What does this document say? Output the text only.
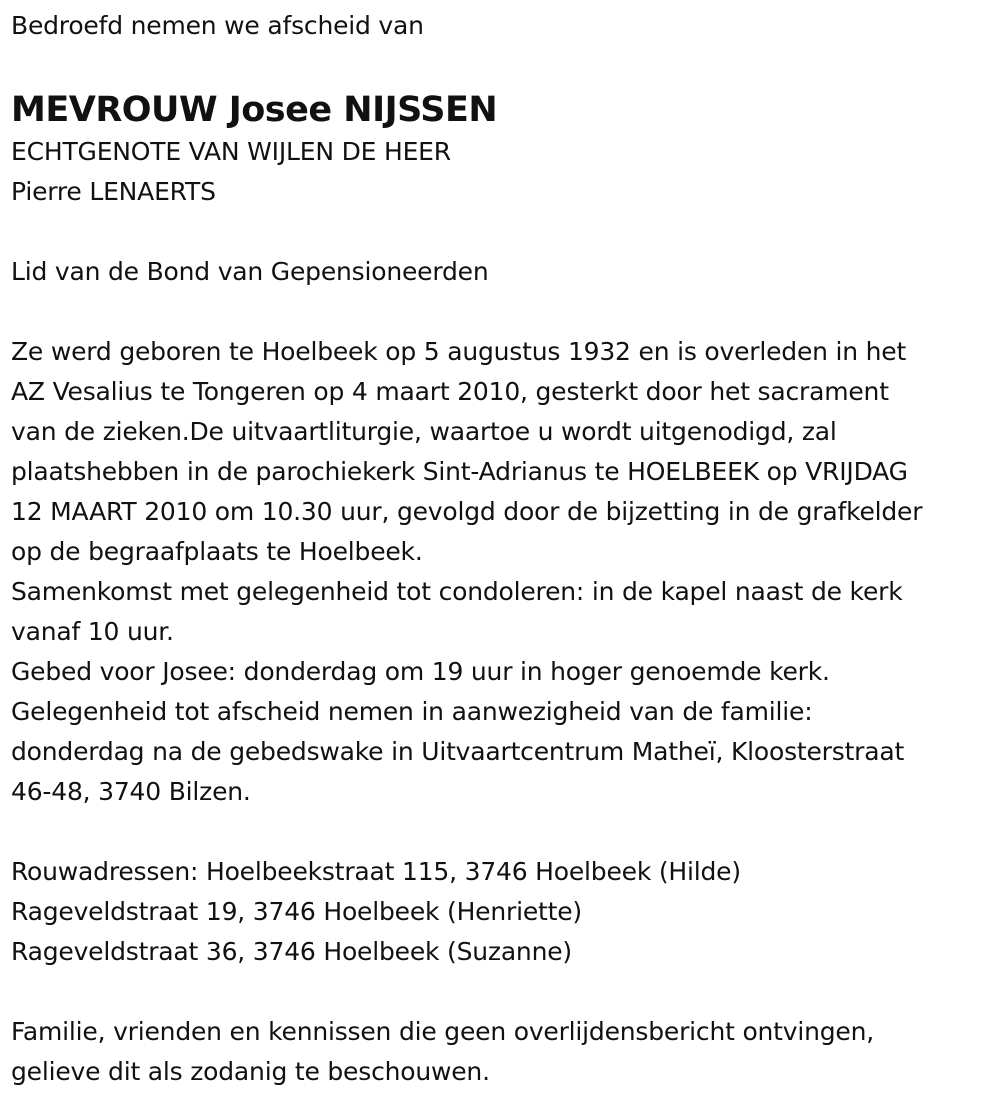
Bedroefd nemen we afscheid van
MEVROUW Josee NIJSSEN
ECHTGENOTE VAN WIJLEN DE HEER
Pierre LENAERTS
Lid van de Bond van Gepensioneerden
Ze werd geboren te Hoelbeek op 5 augustus 1932 en is overleden in het
AZ Vesalius te Tongeren op 4 maart 2010, gesterkt door het sacrament
van de zieken.De uitvaartliturgie, waartoe u wordt uitgenodigd, zal
plaatshebben in de parochiekerk Sint-Adrianus te HOELBEEK op VRIJDAG
12 MAART 2010 om 10.30 uur, gevolgd door de bijzetting in de grafkelder
op de begraafplaats te Hoelbeek.
Samenkomst met gelegenheid tot condoleren: in de kapel naast de kerk
vanaf 10 uur.
Gebed voor Josee: donderdag om 19 uur in hoger genoemde kerk.
Gelegenheid tot afscheid nemen in aanwezigheid van de familie:
donderdag na de gebedswake in Uitvaartcentrum Matheï, Kloosterstraat
46-48, 3740 Bilzen.
Rouwadressen: Hoelbeekstraat 115, 3746 Hoelbeek (Hilde)
Rageveldstraat 19, 3746 Hoelbeek (Henriette)
Rageveldstraat 36, 3746 Hoelbeek (Suzanne)
Familie, vrienden en kennissen die geen overlijdensbericht ontvingen,
gelieve dit als zodanig te beschouwen.
